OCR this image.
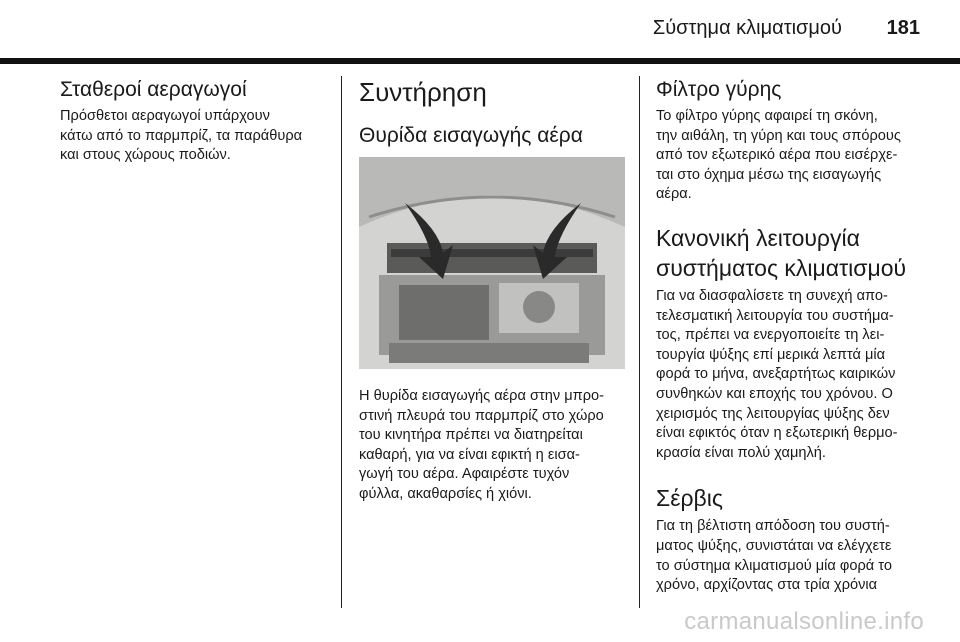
Σύστημα κλιματισμού 181
Σταθεροί αεραγωγοί

Πρόσθετοι αεραγωγοί υπάρχουν
κάτω από το παρμπρίζ, τα παράθυρα
και στους χώρους ποδιών.

Συντήρηση
Θυρίδα εισαγωγής αέρα

Η θυρίδα εισαγωγής αέρα στην μπρο-
στινή πλευρά του παρμπρίζ στο χώρο
του κινητήρα πρέπει να διατηρείται
καθαρή, για να είναι εφικτή η εισα-
γωγή του αέρα. Αφαιρέστε τυχόν
φύλλα, ακαθαρσίες ή χιόνι.

Φίλτρο γύρης

Το φίλτρο γύρης αφαιρεί τη σκόνη,
την αιθάλη, τη γύρη και τους σπόρους
από τον εξωτερικό αέρα που εισέρχε-
ται στο όχημα μέσω της εισαγωγής
αέρα.

Κανονική λειτουργία
συστήματος κλιματισμού

Για να διασφαλίσετε τη συνεχή απο-
τελεσματική λειτουργία του συστήμα-
τος, πρέπει να ενεργοποιείτε τη λει-
τουργία ψύξης επί μερικά λεπτά μία
φορά το μήνα, ανεξαρτήτως καιρικών
συνθηκών και εποχής του χρόνου. Ο
χειρισμός της λειτουργίας ψύξης δεν
είναι εφικτός όταν η εξωτερική θερμο-
κρασία είναι πολύ χαμηλή.

Σέρβις

Για τη βέλτιστη απόδοση του συστή-
ματος ψύξης, συνιστάται να ελέγχετε
το σύστημα κλιματισμού μία φορά το
χρόνο, αρχίζοντας στα τρία χρόνια

carmanualsonline.info
